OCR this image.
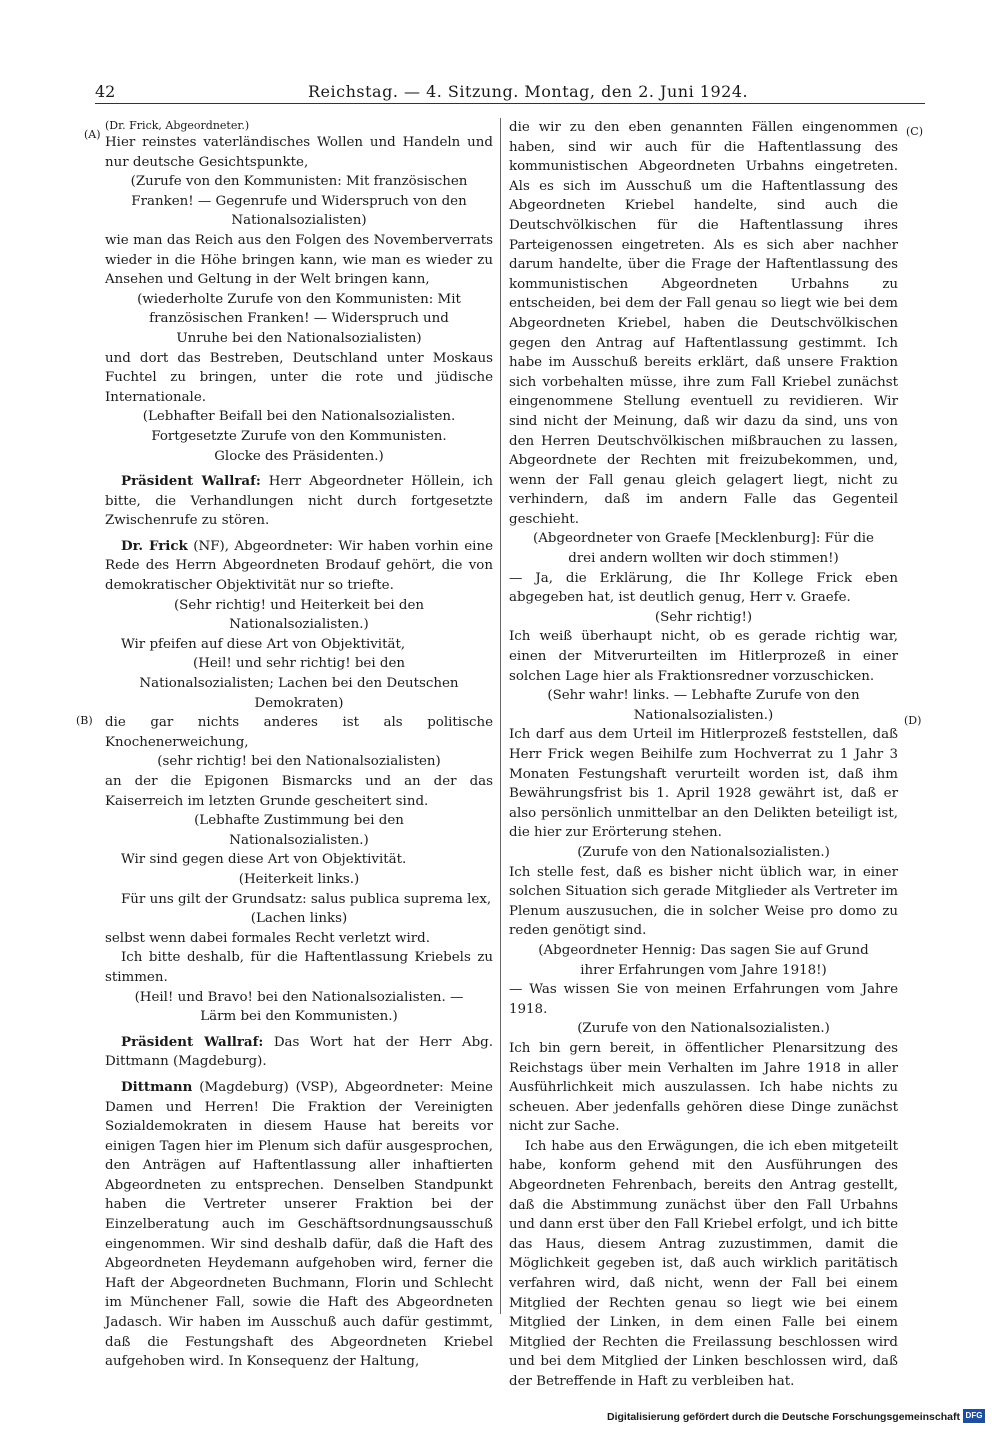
42	Reichstag. — 4. Sitzung. Montag, den 2. Juni 1924.
(A)
(B)
(C)
(D)

(Dr. Frick, Abgeordneter.)

Hier reinstes vaterländisches Wollen und Handeln und nur deutsche Gesichtspunkte,

(Zurufe von den Kommunisten: Mit französischen Franken! — Gegenrufe und Widerspruch von den Nationalsozialisten)

wie man das Reich aus den Folgen des Novemberverrats wieder in die Höhe bringen kann, wie man es wieder zu Ansehen und Geltung in der Welt bringen kann,

(wiederholte Zurufe von den Kommunisten: Mit französischen Franken! — Widerspruch und Unruhe bei den Nationalsozialisten)

und dort das Bestreben, Deutschland unter Moskaus Fuchtel zu bringen, unter die rote und jüdische Internationale.

(Lebhafter Beifall bei den Nationalsozialisten. Fortgesetzte Zurufe von den Kommunisten. Glocke des Präsidenten.)

Präsident Wallraf: Herr Abgeordneter Höllein, ich bitte, die Verhandlungen nicht durch fortgesetzte Zwischenrufe zu stören.

Dr. Frick (NF), Abgeordneter: Wir haben vorhin eine Rede des Herrn Abgeordneten Brodauf gehört, die von demokratischer Objektivität nur so triefte.

(Sehr richtig! und Heiterkeit bei den Nationalsozialisten.)

Wir pfeifen auf diese Art von Objektivität,

(Heil! und sehr richtig! bei den Nationalsozialisten; Lachen bei den Deutschen Demokraten)

die gar nichts anderes ist als politische Knochenerweichung,

(sehr richtig! bei den Nationalsozialisten)

an der die Epigonen Bismarcks und an der das Kaiserreich im letzten Grunde gescheitert sind.

(Lebhafte Zustimmung bei den Nationalsozialisten.)

Wir sind gegen diese Art von Objektivität.

(Heiterkeit links.)

Für uns gilt der Grundsatz: salus publica suprema lex,

(Lachen links)

selbst wenn dabei formales Recht verletzt wird.

Ich bitte deshalb, für die Haftentlassung Kriebels zu stimmen.

(Heil! und Bravo! bei den Nationalsozialisten. — Lärm bei den Kommunisten.)

Präsident Wallraf: Das Wort hat der Herr Abg. Dittmann (Magdeburg).

Dittmann (Magdeburg) (VSP), Abgeordneter: Meine Damen und Herren! Die Fraktion der Vereinigten Sozialdemokraten in diesem Hause hat bereits vor einigen Tagen hier im Plenum sich dafür ausgesprochen, den Anträgen auf Haftentlassung aller inhaftierten Abgeordneten zu entsprechen. Denselben Standpunkt haben die Vertreter unserer Fraktion bei der Einzelberatung auch im Geschäftsordnungsausschuß eingenommen. Wir sind deshalb dafür, daß die Haft des Abgeordneten Heydemann aufgehoben wird, ferner die Haft der Abgeordneten Buchmann, Florin und Schlecht im Münchener Fall, sowie die Haft des Abgeordneten Jadasch. Wir haben im Ausschuß auch dafür gestimmt, daß die Festungshaft des Abgeordneten Kriebel aufgehoben wird. In Konsequenz der Haltung,

die wir zu den eben genannten Fällen eingenommen haben, sind wir auch für die Haftentlassung des kommunistischen Abgeordneten Urbahns eingetreten. Als es sich im Ausschuß um die Haftentlassung des Abgeordneten Kriebel handelte, sind auch die Deutschvölkischen für die Haftentlassung ihres Parteigenossen eingetreten. Als es sich aber nachher darum handelte, über die Frage der Haftentlassung des kommunistischen Abgeordneten Urbahns zu entscheiden, bei dem der Fall genau so liegt wie bei dem Abgeordneten Kriebel, haben die Deutschvölkischen gegen den Antrag auf Haftentlassung gestimmt. Ich habe im Ausschuß bereits erklärt, daß unsere Fraktion sich vorbehalten müsse, ihre zum Fall Kriebel zunächst eingenommene Stellung eventuell zu revidieren. Wir sind nicht der Meinung, daß wir dazu da sind, uns von den Herren Deutschvölkischen mißbrauchen zu lassen, Abgeordnete der Rechten mit freizubekommen, und, wenn der Fall genau gleich gelagert liegt, nicht zu verhindern, daß im andern Falle das Gegenteil geschieht.

(Abgeordneter von Graefe [Mecklenburg]: Für die drei andern wollten wir doch stimmen!)

— Ja, die Erklärung, die Ihr Kollege Frick eben abgegeben hat, ist deutlich genug, Herr v. Graefe.

(Sehr richtig!)

Ich weiß überhaupt nicht, ob es gerade richtig war, einen der Mitverurteilten im Hitlerprozeß in einer solchen Lage hier als Fraktionsredner vorzuschicken.

(Sehr wahr! links. — Lebhafte Zurufe von den Nationalsozialisten.)

Ich darf aus dem Urteil im Hitlerprozeß feststellen, daß Herr Frick wegen Beihilfe zum Hochverrat zu 1 Jahr 3 Monaten Festungshaft verurteilt worden ist, daß ihm Bewährungsfrist bis 1. April 1928 gewährt ist, daß er also persönlich unmittelbar an den Delikten beteiligt ist, die hier zur Erörterung stehen.

(Zurufe von den Nationalsozialisten.)

Ich stelle fest, daß es bisher nicht üblich war, in einer solchen Situation sich gerade Mitglieder als Vertreter im Plenum auszusuchen, die in solcher Weise pro domo zu reden genötigt sind.

(Abgeordneter Hennig: Das sagen Sie auf Grund ihrer Erfahrungen vom Jahre 1918!)

— Was wissen Sie von meinen Erfahrungen vom Jahre 1918.

(Zurufe von den Nationalsozialisten.)

Ich bin gern bereit, in öffentlicher Plenarsitzung des Reichstags über mein Verhalten im Jahre 1918 in aller Ausführlichkeit mich auszulassen. Ich habe nichts zu scheuen. Aber jedenfalls gehören diese Dinge zunächst nicht zur Sache.

Ich habe aus den Erwägungen, die ich eben mitgeteilt habe, konform gehend mit den Ausführungen des Abgeordneten Fehrenbach, bereits den Antrag gestellt, daß die Abstimmung zunächst über den Fall Urbahns und dann erst über den Fall Kriebel erfolgt, und ich bitte das Haus, diesem Antrag zuzustimmen, damit die Möglichkeit gegeben ist, daß auch wirklich paritätisch verfahren wird, daß nicht, wenn der Fall bei einem Mitglied der Rechten genau so liegt wie bei einem Mitglied der Linken, in dem einen Falle bei einem Mitglied der Rechten die Freilassung beschlossen wird und bei dem Mitglied der Linken beschlossen wird, daß der Betreffende in Haft zu verbleiben hat.

Digitalisierung gefördert durch die Deutsche Forschungsgemeinschaft DFG
